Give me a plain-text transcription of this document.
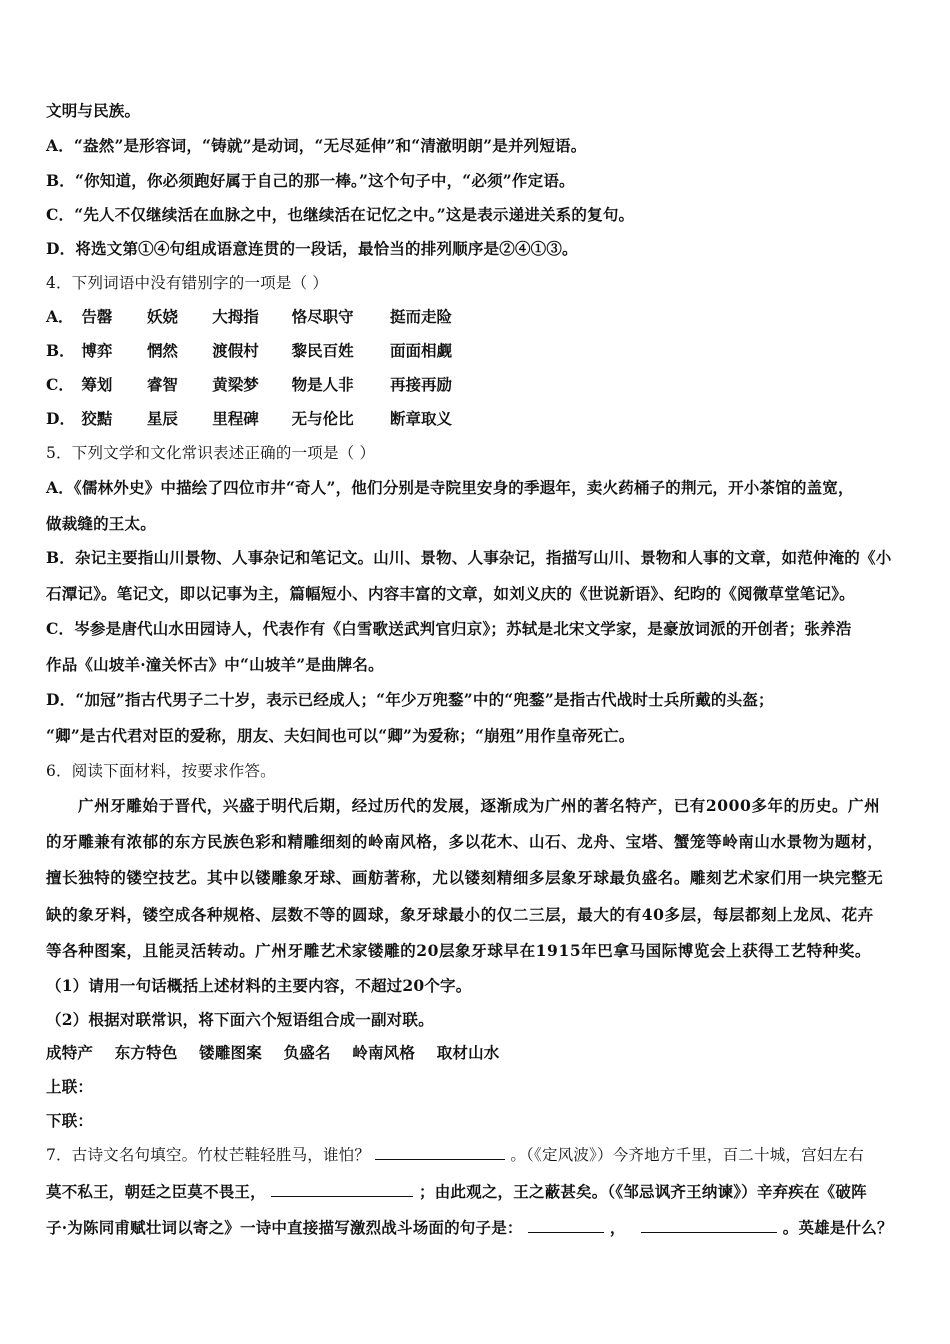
文明与民族。
A．“盎然”是形容词，“铸就”是动词，“无尽延伸”和“清澈明朗”是并列短语。
B．“你知道，你必须跑好属于自己的那一棒。”这个句子中，“必须”作定语。
C．“先人不仅继续活在血脉之中，也继续活在记忆之中。”这是表示递进关系的复句。
D．将选文第①④句组成语意连贯的一段话，最恰当的排列顺序是②④①③。
4．下列词语中没有错别字的一项是（ ）
A． 告罄 妖娆 大拇指 恪尽职守 挺而走险
B． 博弈 惘然 渡假村 黎民百姓 面面相觑
C． 筹划 睿智 黄梁梦 物是人非 再接再励
D． 狡黠 星辰 里程碑 无与伦比 断章取义
5．下列文学和文化常识表述正确的一项是（ ）
A．《儒林外史》中描绘了四位市井“奇人”，他们分别是寺院里安身的季遐年，卖火药桶子的荆元，开小茶馆的盖宽，
做裁缝的王太。
B．杂记主要指山川景物、人事杂记和笔记文。山川、景物、人事杂记，指描写山川、景物和人事的文章，如范仲淹的《小
石潭记》。笔记文，即以记事为主，篇幅短小、内容丰富的文章，如刘义庆的《世说新语》、纪昀的《阅微草堂笔记》。
C．岑参是唐代山水田园诗人，代表作有《白雪歌送武判官归京》；苏轼是北宋文学家，是豪放词派的开创者；张养浩
作品《山坡羊·潼关怀古》中“山坡羊”是曲牌名。
D．“加冠”指古代男子二十岁，表示已经成人；“年少万兜鍪”中的“兜鍪”是指古代战时士兵所戴的头盔；
“卿”是古代君对臣的爱称，朋友、夫妇间也可以“卿”为爱称；“崩殂”用作皇帝死亡。
6．阅读下面材料，按要求作答。
广州牙雕始于晋代，兴盛于明代后期，经过历代的发展，逐渐成为广州的著名特产，已有2000多年的历史。广州
的牙雕兼有浓郁的东方民族色彩和精雕细刻的岭南风格，多以花木、山石、龙舟、宝塔、蟹笼等岭南山水景物为题材，
擅长独特的镂空技艺。其中以镂雕象牙球、画舫著称，尤以镂刻精细多层象牙球最负盛名。雕刻艺术家们用一块完整无
缺的象牙料，镂空成各种规格、层数不等的圆球，象牙球最小的仅二三层，最大的有40多层，每层都刻上龙凤、花卉
等各种图案，且能灵活转动。广州牙雕艺术家镂雕的20层象牙球早在1915年巴拿马国际博览会上获得工艺特种奖。
（1）请用一句话概括上述材料的主要内容，不超过20个字。
（2）根据对联常识，将下面六个短语组合成一副对联。
成特产 东方特色 镂雕图案 负盛名 岭南风格 取材山水
上联：
下联：
7．古诗文名句填空。竹杖芒鞋轻胜马，谁怕？	。（《定风波》）今齐地方千里，百二十城，宫妇左右
莫不私王，朝廷之臣莫不畏王，	；由此观之，王之蔽甚矣。（《邹忌讽齐王纳谏》）辛弃疾在《破阵
子·为陈同甫赋壮词以寄之》一诗中直接描写激烈战斗场面的句子是：	，	。英雄是什么？
